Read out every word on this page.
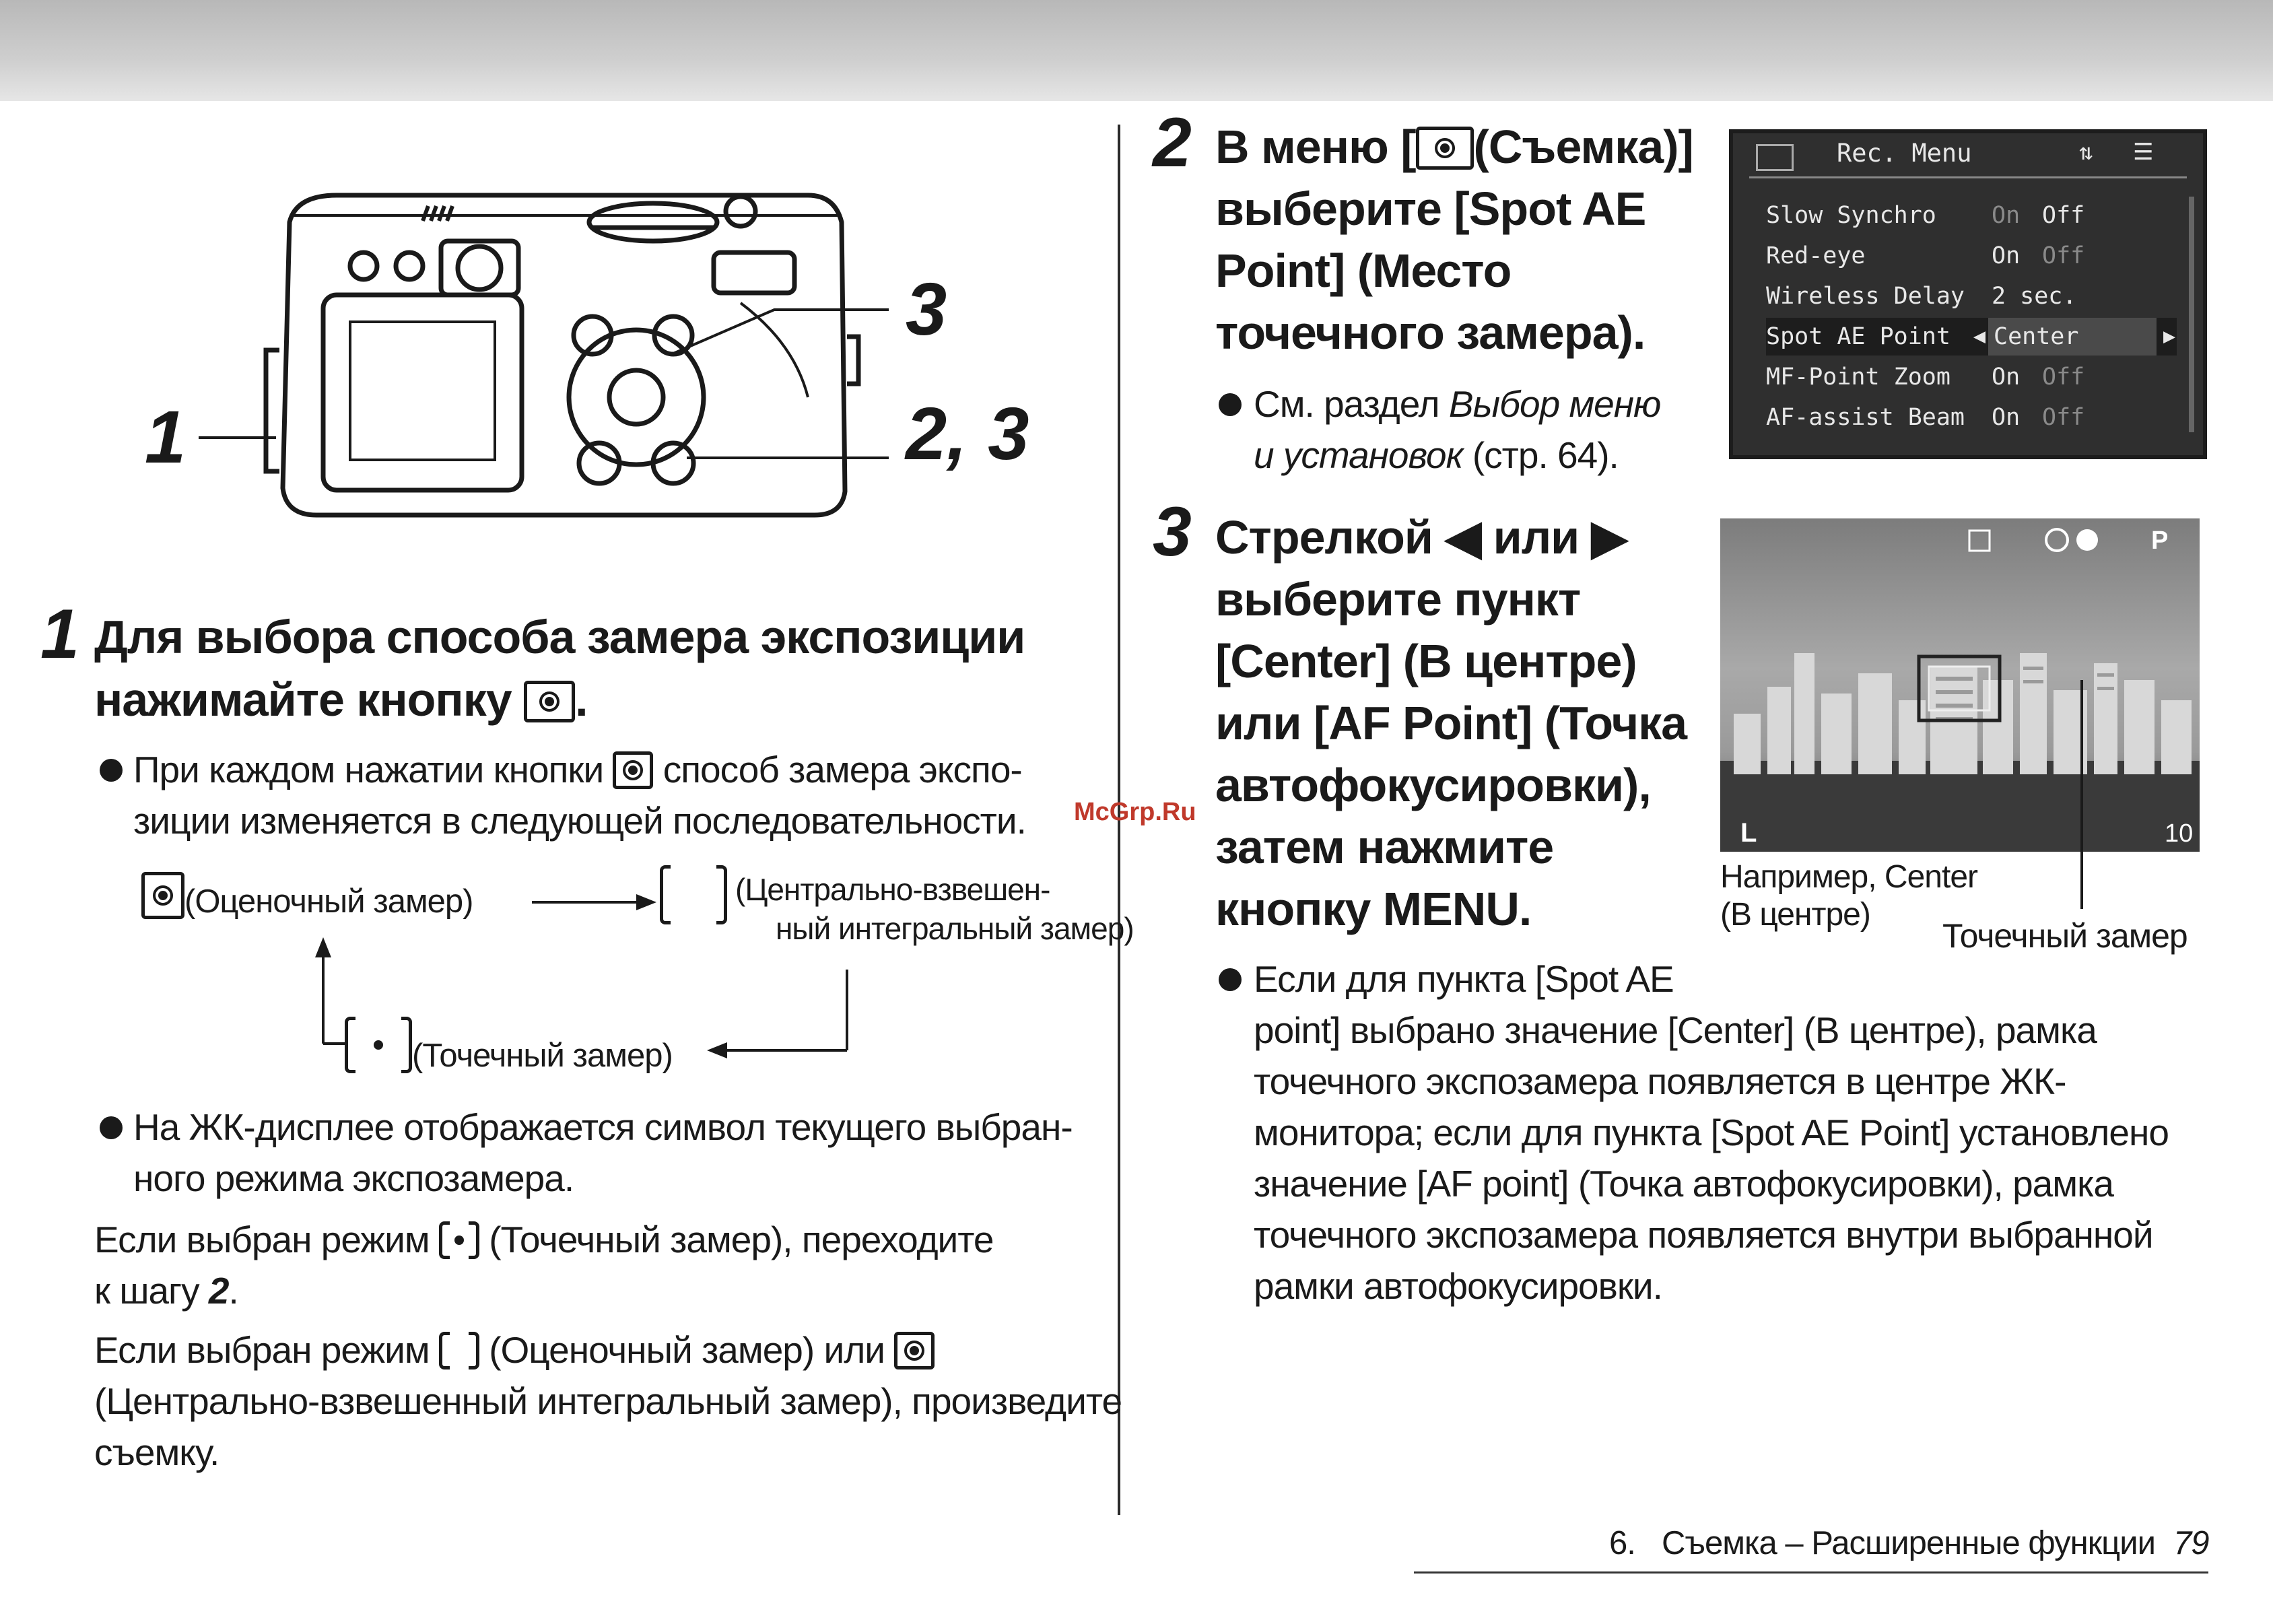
1
3
2, 3
1 Для выбора способа замера экспозиции
нажимайте кнопку .
При каждом нажатии кнопки способ замера экспо-
зиции изменяется в следующей последовательности.
(Оценочный замер)	(Центрально-взвешен-
ный интегральный замер)
(Точечный замер)
На ЖК-дисплее отображается символ текущего выбран-
ного режима экспозамера.
Если выбран режим (Точечный замер), переходите
к шагу 2.
Если выбран режим (Оценочный замер) или
(Центрально-взвешенный интегральный замер), произведите
съемку.
McGrp.Ru
2 В меню [ (Съемка)]
выберите [Spot AE
Point] (Место
точечного замера).
См. раздел Выбор меню
и установок (стр. 64).
Rec. Menu	⇅ ☰
Slow Synchro On Off
Red-eye	On Off
Wireless Delay 2 sec.
Spot AE Point ◀ Center	▶
MF-Point Zoom On Off
AF-assist Beam On Off
3 Стрелкой ◀ или ▶
выберите пункт
[Center] (В центре)
или [AF Point] (Точка
автофокусировки),
затем нажмите
кнопку MENU.
P
L	10
Например, Center
(В центре)
Точечный замер
Если для пункта [Spot AE
point] выбрано значение [Center] (В центре), рамка
точечного экспозамера появляется в центре ЖК-
монитора; если для пункта [Spot AE Point] установлено
значение [AF point] (Точка автофокусировки), рамка
точечного экспозамера появляется внутри выбранной
рамки автофокусировки.
6. Съемка – Расширенные функции 79
